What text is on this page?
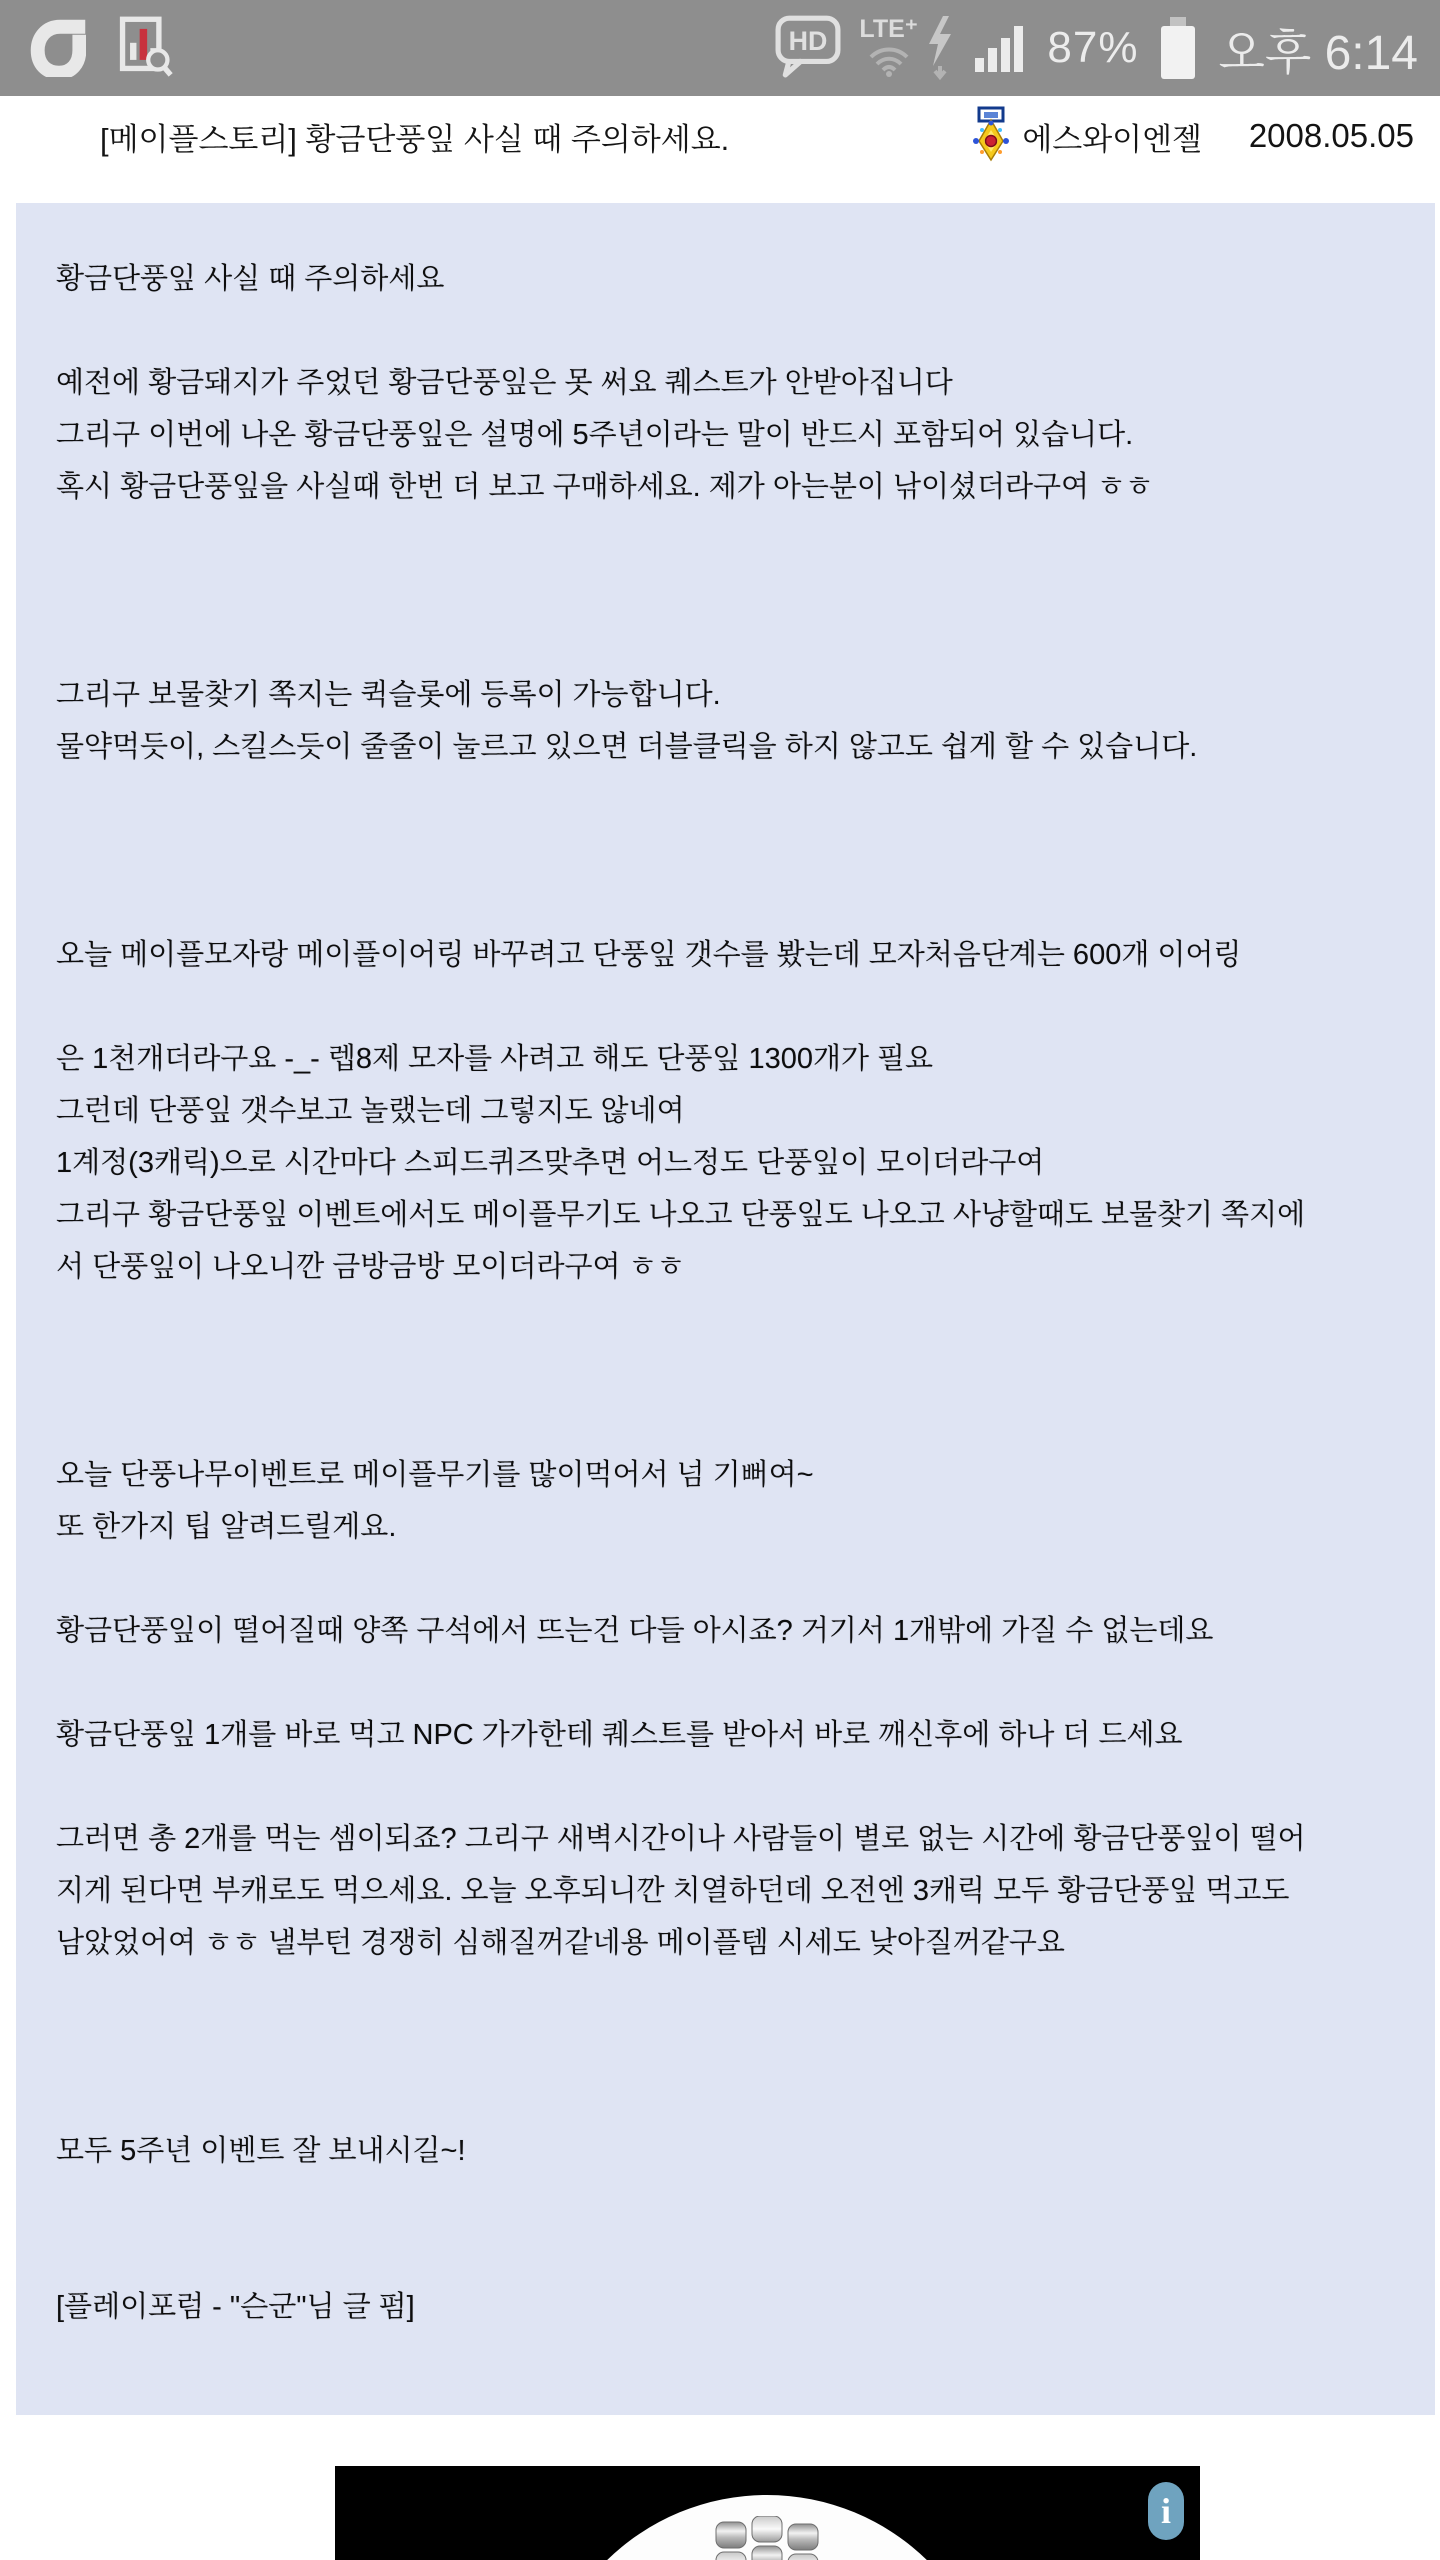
HD LTE⁺	87% 오후 6:14
[메이플스토리] 황금단풍잎 사실 때 주의하세요.	에스와이엔젤 2008.05.05
황금단풍잎 사실 때 주의하세요

예전에 황금돼지가 주었던 황금단풍잎은 못 써요 퀘스트가 안받아집니다
그리구 이번에 나온 황금단풍잎은 설명에 5주년이라는 말이 반드시 포함되어 있습니다.
혹시 황금단풍잎을 사실때 한번 더 보고 구매하세요. 제가 아는분이 낚이셨더라구여 ㅎㅎ

그리구 보물찾기 쪽지는 퀵슬롯에 등록이 가능합니다.
물약먹듯이, 스킬스듯이 줄줄이 눌르고 있으면 더블클릭을 하지 않고도 쉽게 할 수 있습니다.

오늘 메이플모자랑 메이플이어링 바꾸려고 단풍잎 갯수를 봤는데 모자처음단계는 600개 이어링

은 1천개더라구요 -_- 렙8제 모자를 사려고 해도 단풍잎 1300개가 필요
그런데 단풍잎 갯수보고 놀랬는데 그렇지도 않네여
1계정(3캐릭)으로 시간마다 스피드퀴즈맞추면 어느정도 단풍잎이 모이더라구여
그리구 황금단풍잎 이벤트에서도 메이플무기도 나오고 단풍잎도 나오고 사냥할때도 보물찾기 쪽지에
서 단풍잎이 나오니깐 금방금방 모이더라구여 ㅎㅎ

오늘 단풍나무이벤트로 메이플무기를 많이먹어서 넘 기뻐여~
또 한가지 팁 알려드릴게요.

황금단풍잎이 떨어질때 양쪽 구석에서 뜨는건 다들 아시죠? 거기서 1개밖에 가질 수 없는데요

황금단풍잎 1개를 바로 먹고 NPC 가가한테 퀘스트를 받아서 바로 깨신후에 하나 더 드세요

그러면 총 2개를 먹는 셈이되죠? 그리구 새벽시간이나 사람들이 별로 없는 시간에 황금단풍잎이 떨어
지게 된다면 부캐로도 먹으세요. 오늘 오후되니깐 치열하던데 오전엔 3캐릭 모두 황금단풍잎 먹고도
남았었어여 ㅎㅎ 낼부턴 경쟁히 심해질꺼같네용 메이플템 시세도 낮아질꺼같구요

모두 5주년 이벤트 잘 보내시길~!

[플레이포럼 - "슨군"님 글 펌]
i
